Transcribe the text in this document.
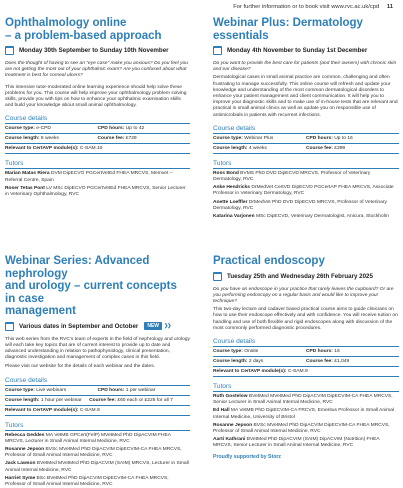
For further information or to book visit www.rvc.ac.uk/cpd 11
Ophthalmology online
– a problem-based approach
Monday 30th September to Sunday 10th November

Does the thought of having to see an “eye case” make you anxious? Do you feel you are not getting the most out of your ophthalmic exam? Are you confused about what treatment is best for corneal ulcers?

This intensive tutor-moderated online learning experience should help solve these problems for you. This course will help improve your ophthalmology problem solving skills, provide you with tips on how to enhance your ophthalmic examination skills and build your knowledge about small animal ophthalmology.

Course details
Course type: e-CPD	CPD hours: Up to 42
Course length: 8 weeks	Course fee: £729
Relevant to CertAVP module(s): C-SAM.10
Tutors

Marian Matas Riera DVM DipECVO PGCertVetEd FHEA MRCVS, Memvet – Referral Centre, Spain

Roser Tetas Pont LV MSc DipECVO PGCertVetEd FHEA MRCVS, Senior Lecturer in Veterinary Ophthalmology, RVC

Webinar Plus: Dermatology essentials
Monday 4th November to Sunday 1st December

Do you want to provide the best care for patients (and their owners) with chronic skin and ear disease?

Dermatological cases in small animal practice are common, challenging and often frustrating to manage successfully. This online course will refresh and update your knowledge and understanding of the most common dermatological disorders to enhance your patient management and client communication. It will help you to improve your diagnostic skills and to make use of in-house tests that are relevant and practical in small animal clinics as well as update you on responsible use of antimicrobials in patients with recurrent infections.

Course details
Course type: Webinar Plus	CPD hours: Up to 16
Course length: 4 weeks	Course fee: £399
Tutors

Ross Bond BVMS PhD DVD DipECVD MRCVS, Professor of Veterinary Dermatology, RVC

Anke Hendricks DrMedVet CertVD DipECVD PGCertAP FHEA MRCVS, Associate Professor in Veterinary Dermatology, RVC

Anette Loeffler DrMedVet PhD DVD DipECVD MRCVS, Professor of Veterinary Dermatology, RVC

Katarina Varjonen MSc DipECVD, Veterinary Dermatologist, Anicura, Stockholm

Webinar Series: Advanced nephrology
and urology – current concepts in case
management
Various dates in September and October	NEW	❯❯

This web series from the RVC’s team of experts in the field of nephrology and urology will each take key topics that are of current interest to provide up to date and advanced understanding in relation to pathophysiology, clinical presentation, diagnostic investigation and management of complex cases in this field.

Please visit our website for the details of each webinar and the dates.

Course details
Course type: Live webinars	CPD hours: 1 per webinar
Course length: 1 hour per webinar	Course fee: £60 each or £225 for all 7
Relevant to CertAVP module(s): C-SAM.9
Tutors

Rebecca Geddes MA VetMB GPCert(FelP) MVetMed PhD DipACVIM FHEA MRCVS, Lecturer in Small Animal Internal Medicine, RVC

Rosanne Jepson BVSc MVetMed PhD DipACVIM DipECVIM-CA FHEA MRCVS, Professor of Small Animal Internal Medicine, RVC

Jack Lawson BVetMed MVetMed PhD DipACVIM (SAIM) MRCVS, Lecturer in Small Animal Internal Medicine, RVC

Harriet Syme BSc BVetMed PhD DipACVIM DipECVIM-CA FHEA MRCVS, Professor of Small Animal Internal Medicine, RVC

Practical endoscopy
Tuesday 25th and Wednesday 26th February 2025

Do you have an endoscope in your practice that rarely leaves the cupboard? Or are you performing endoscopy on a regular basis and would like to improve your technique?

This two-day lecture and cadaver based practical course aims to guide clinicians on how to use their endoscope effectively and with confidence. You will receive tuition on handling and use of both flexible and rigid endoscopes along with discussion of the most commonly performed diagnostic procedures.

Course details
Course type: Onsite	CPD hours: 16
Course length: 2 days	Course fee: £1,049
Relevant to CertAVP module(s): C-SAM.9
Tutors

Ruth Gostelow BVetMed MVetMed PhD DipACVIM DipECVIM-CA FHEA MRCVS, Senior Lecturer in Small Animal Internal Medicine, RVC

Ed Hall MA VetMB PhD DipECVIM-CA FRCVS, Emeritus Professor in Small Animal Internal Medicine, University of Bristol

Rosanne Jepson BVSc MVetMed PhD DipACVIM DipECVIM-CA FHEA MRCVS, Professor of Small Animal Internal Medicine, RVC

Aarti Kathrani BVetMed PhD DipACVIM (SAIM) DipACVIM (Nutrition) FHEA MRCVS, Senior Lecturer in Small Animal Internal Medicine, RVC

Proudly supported by Storz
